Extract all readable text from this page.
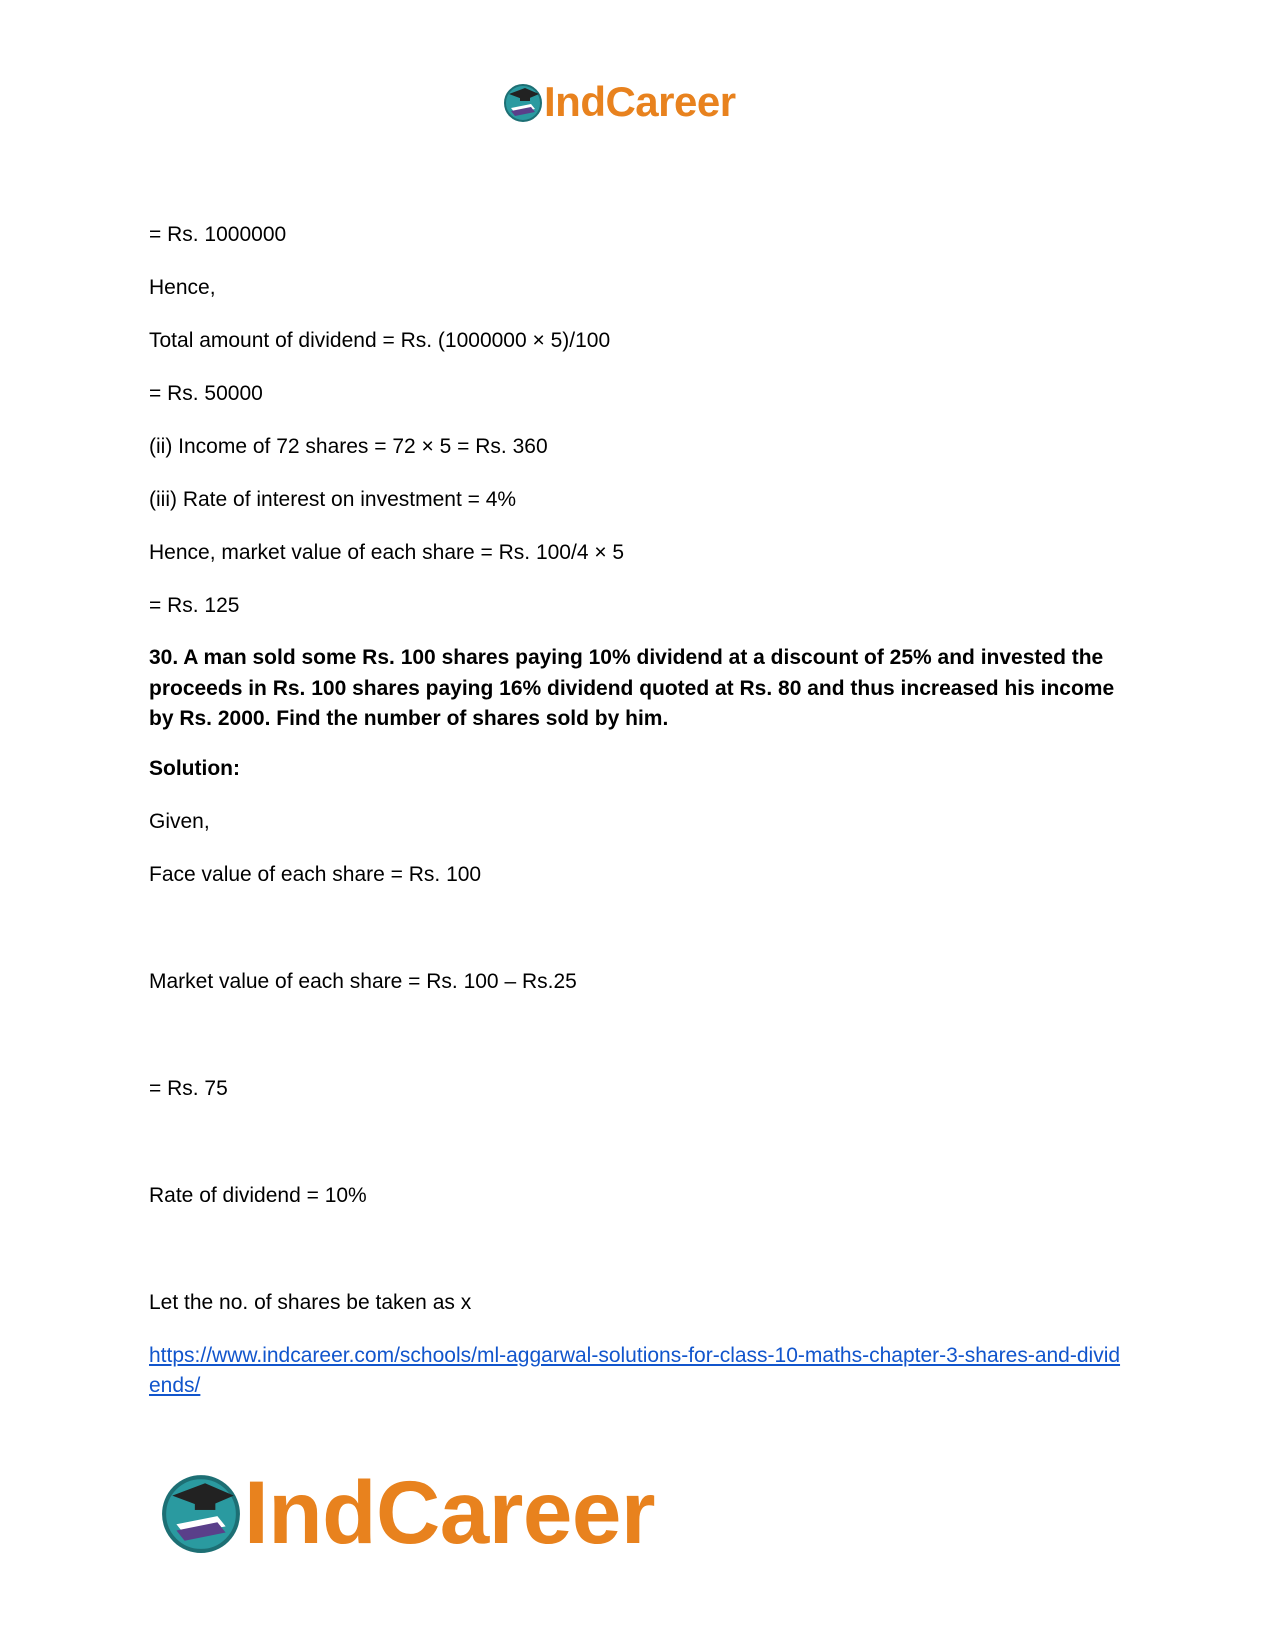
IndCareer
= Rs. 1000000
Hence,
Total amount of dividend = Rs. (1000000 × 5)/100
= Rs. 50000
(ii) Income of 72 shares = 72 × 5 = Rs. 360
(iii) Rate of interest on investment = 4%
Hence, market value of each share = Rs. 100/4 × 5
= Rs. 125
30. A man sold some Rs. 100 shares paying 10% dividend at a discount of 25% and invested the proceeds in Rs. 100 shares paying 16% dividend quoted at Rs. 80 and thus increased his income by Rs. 2000. Find the number of shares sold by him.
Solution:
Given,
Face value of each share = Rs. 100
Market value of each share = Rs. 100 – Rs.25
= Rs. 75
Rate of dividend = 10%
Let the no. of shares be taken as x
https://www.indcareer.com/schools/ml-aggarwal-solutions-for-class-10-maths-chapter-3-shares-and-dividends/
IndCareer
